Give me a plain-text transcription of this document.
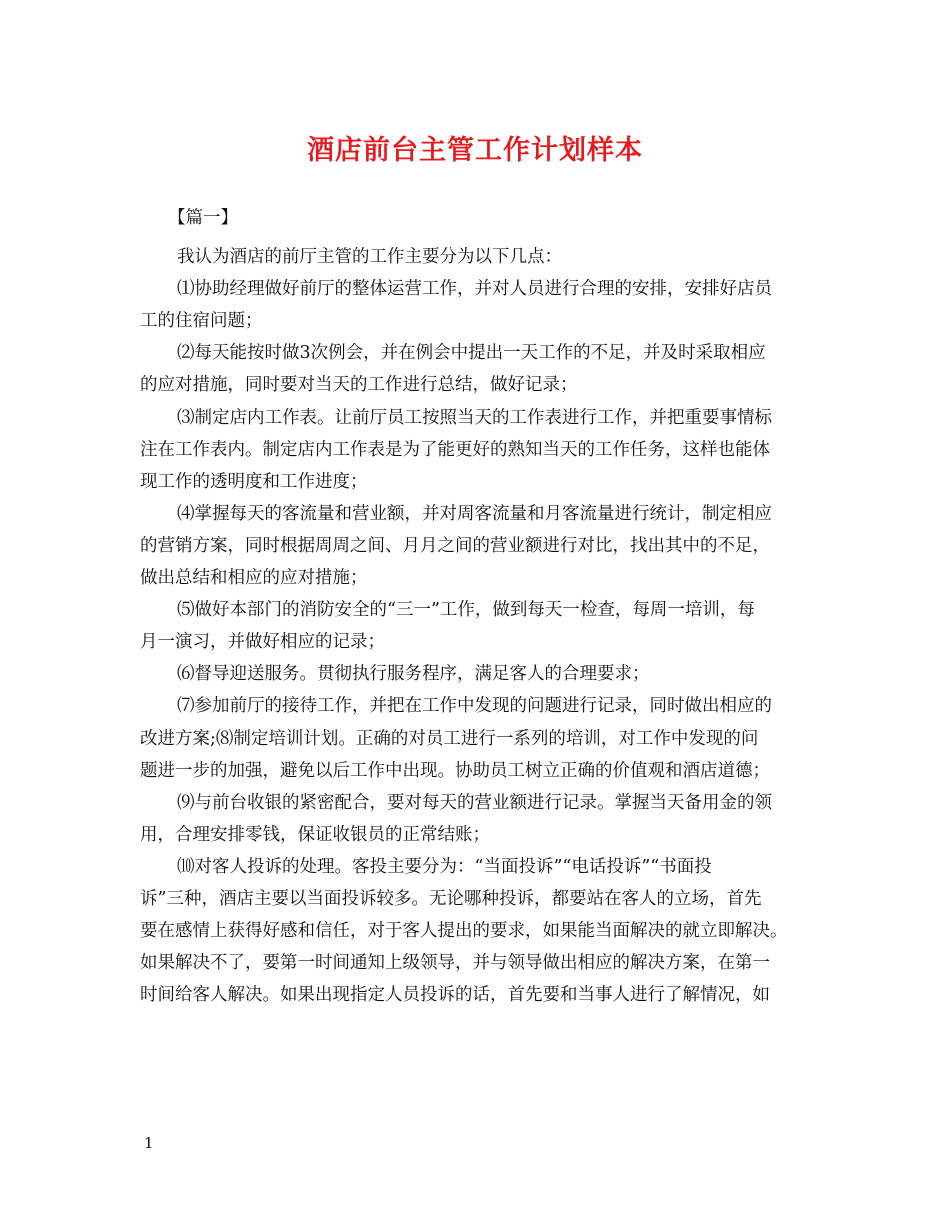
酒店前台主管工作计划样本
【篇一】
我认为酒店的前厅主管的工作主要分为以下几点：
⑴协助经理做好前厅的整体运营工作，并对人员进行合理的安排，安排好店员
工的住宿问题；
⑵每天能按时做3次例会，并在例会中提出一天工作的不足，并及时采取相应
的应对措施，同时要对当天的工作进行总结，做好记录；
⑶制定店内工作表。让前厅员工按照当天的工作表进行工作，并把重要事情标
注在工作表内。制定店内工作表是为了能更好的熟知当天的工作任务，这样也能体
现工作的透明度和工作进度；
⑷掌握每天的客流量和营业额，并对周客流量和月客流量进行统计，制定相应
的营销方案，同时根据周周之间、月月之间的营业额进行对比，找出其中的不足，
做出总结和相应的应对措施；
⑸做好本部门的消防安全的“三一”工作，做到每天一检查，每周一培训，每
月一演习，并做好相应的记录；
⑹督导迎送服务。贯彻执行服务程序，满足客人的合理要求；
⑺参加前厅的接待工作，并把在工作中发现的问题进行记录，同时做出相应的
改进方案;⑻制定培训计划。正确的对员工进行一系列的培训，对工作中发现的问
题进一步的加强，避免以后工作中出现。协助员工树立正确的价值观和酒店道德；
⑼与前台收银的紧密配合，要对每天的营业额进行记录。掌握当天备用金的领
用，合理安排零钱，保证收银员的正常结账；
⑽对客人投诉的处理。客投主要分为：“当面投诉”“电话投诉”“书面投
诉”三种，酒店主要以当面投诉较多。无论哪种投诉，都要站在客人的立场，首先
要在感情上获得好感和信任，对于客人提出的要求，如果能当面解决的就立即解决。
如果解决不了，要第一时间通知上级领导，并与领导做出相应的解决方案，在第一
时间给客人解决。如果出现指定人员投诉的话，首先要和当事人进行了解情况，如
1
